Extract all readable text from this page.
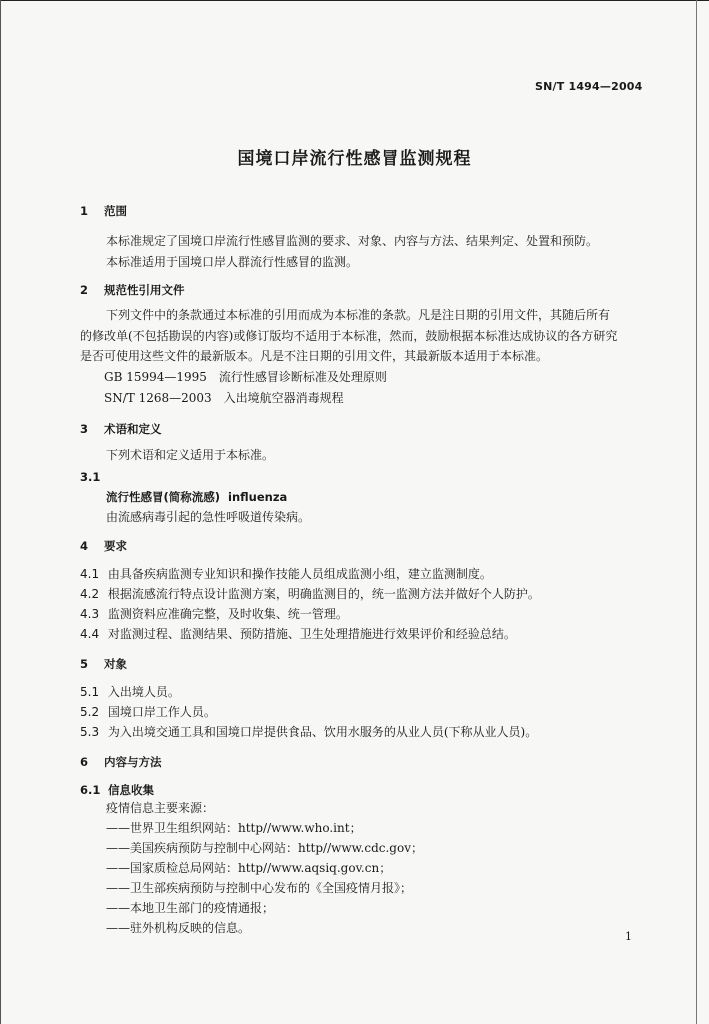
SN/T 1494—2004
国境口岸流行性感冒监测规程
1 范围
本标准规定了国境口岸流行性感冒监测的要求、对象、内容与方法、结果判定、处置和预防。
本标准适用于国境口岸人群流行性感冒的监测。
2 规范性引用文件
下列文件中的条款通过本标准的引用而成为本标准的条款。凡是注日期的引用文件，其随后所有
的修改单(不包括勘误的内容)或修订版均不适用于本标准，然而，鼓励根据本标准达成协议的各方研究
是否可使用这些文件的最新版本。凡是不注日期的引用文件，其最新版本适用于本标准。
GB 15994—1995　流行性感冒诊断标准及处理原则
SN/T 1268—2003　入出境航空器消毒规程
3 术语和定义
下列术语和定义适用于本标准。
3.1
流行性感冒(简称流感) influenza
由流感病毒引起的急性呼吸道传染病。
4 要求
4.1 由具备疾病监测专业知识和操作技能人员组成监测小组，建立监测制度。
4.2 根据流感流行特点设计监测方案，明确监测目的，统一监测方法并做好个人防护。
4.3 监测资料应准确完整，及时收集、统一管理。
4.4 对监测过程、监测结果、预防措施、卫生处理措施进行效果评价和经验总结。
5 对象
5.1 入出境人员。
5.2 国境口岸工作人员。
5.3 为入出境交通工具和国境口岸提供食品、饮用水服务的从业人员(下称从业人员)。
6 内容与方法
6.1 信息收集
疫情信息主要来源：
——世界卫生组织网站：http//www.who.int；
——美国疾病预防与控制中心网站：http//www.cdc.gov；
——国家质检总局网站：http//www.aqsiq.gov.cn；
——卫生部疾病预防与控制中心发布的《全国疫情月报》；
——本地卫生部门的疫情通报；
——驻外机构反映的信息。
1
